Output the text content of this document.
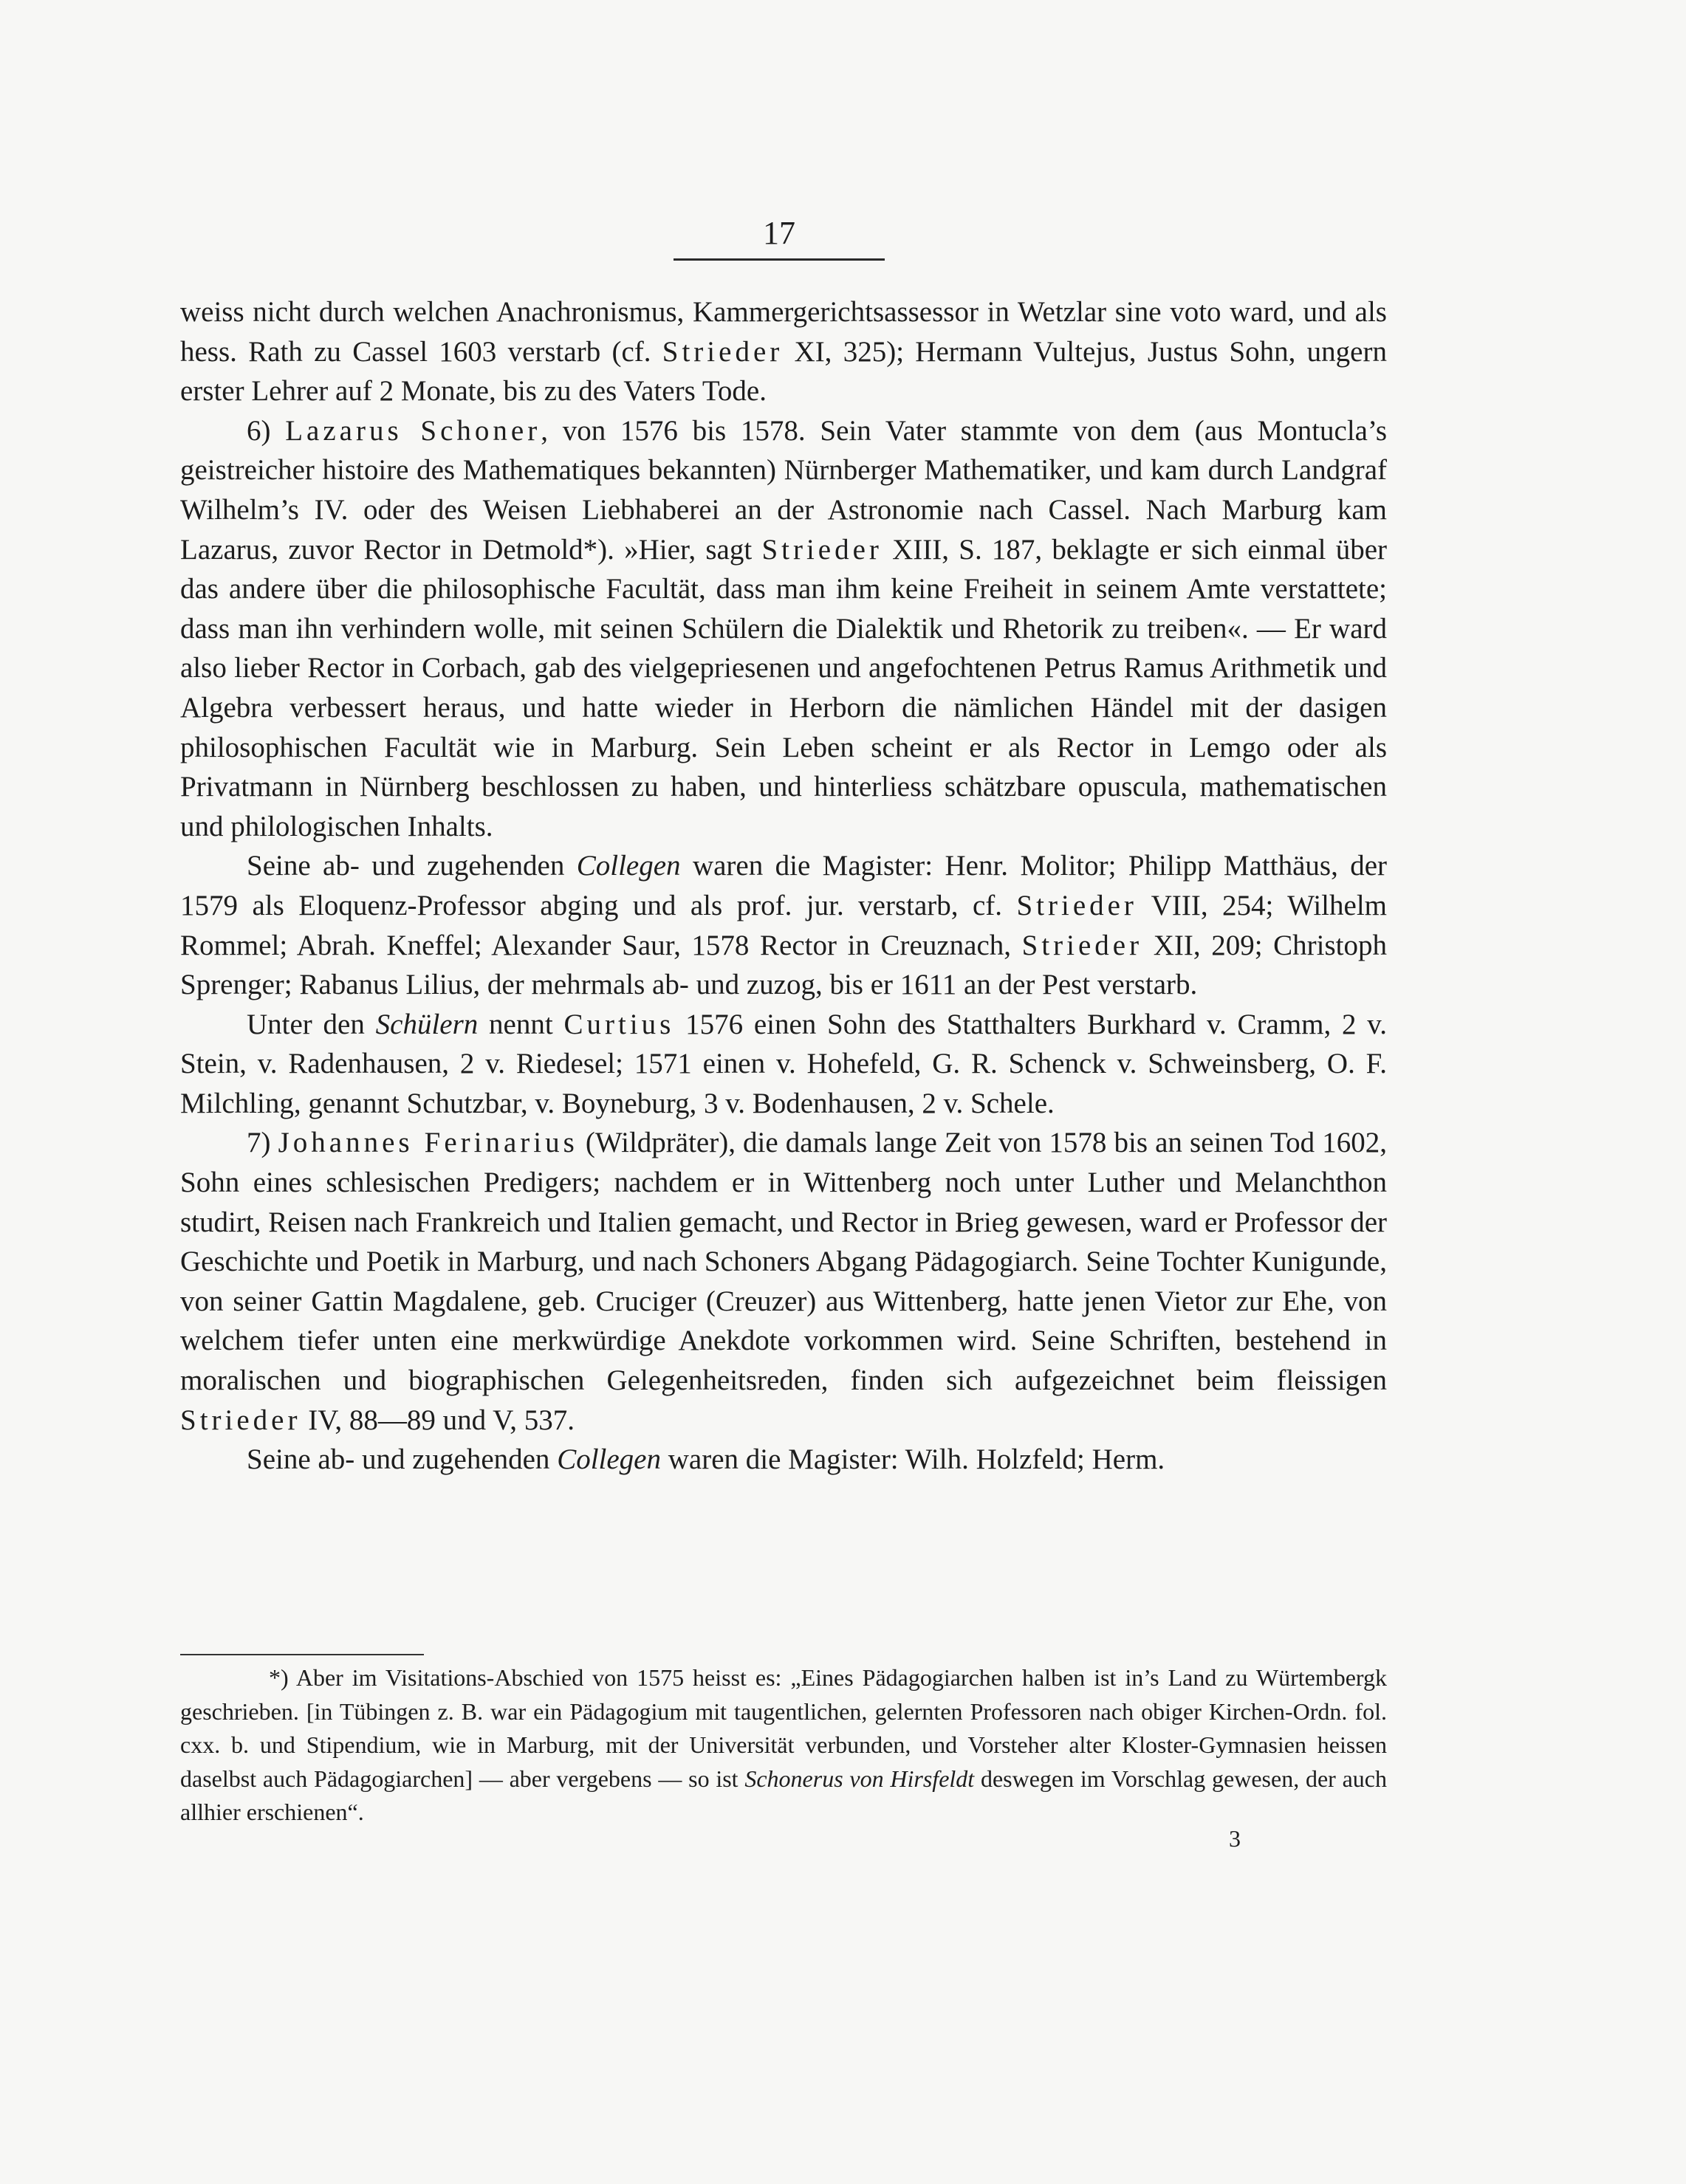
17

weiss nicht durch welchen Anachronismus, Kammergerichtsassessor in Wetzlar sine voto ward, und als hess. Rath zu Cassel 1603 verstarb (cf. Strieder XI, 325); Hermann Vultejus, Justus Sohn, ungern erster Lehrer auf 2 Monate, bis zu des Vaters Tode.

6) Lazarus Schoner, von 1576 bis 1578. Sein Vater stammte von dem (aus Montucla’s geistreicher histoire des Mathematiques bekannten) Nürnberger Mathematiker, und kam durch Landgraf Wilhelm’s IV. oder des Weisen Liebhaberei an der Astronomie nach Cassel. Nach Marburg kam Lazarus, zuvor Rector in Detmold*). »Hier, sagt Strieder XIII, S. 187, beklagte er sich einmal über das andere über die philosophische Facultät, dass man ihm keine Freiheit in seinem Amte verstattete; dass man ihn verhindern wolle, mit seinen Schülern die Dialektik und Rhetorik zu treiben«. — Er ward also lieber Rector in Corbach, gab des vielgepriesenen und angefochtenen Petrus Ramus Arithmetik und Algebra verbessert heraus, und hatte wieder in Herborn die nämlichen Händel mit der dasigen philosophischen Facultät wie in Marburg. Sein Leben scheint er als Rector in Lemgo oder als Privatmann in Nürnberg beschlossen zu haben, und hinterliess schätzbare opuscula, mathematischen und philologischen Inhalts.

Seine ab- und zugehenden Collegen waren die Magister: Henr. Molitor; Philipp Matthäus, der 1579 als Eloquenz-Professor abging und als prof. jur. verstarb, cf. Strieder VIII, 254; Wilhelm Rommel; Abrah. Kneffel; Alexander Saur, 1578 Rector in Creuznach, Strieder XII, 209; Christoph Sprenger; Rabanus Lilius, der mehrmals ab- und zuzog, bis er 1611 an der Pest verstarb.

Unter den Schülern nennt Curtius 1576 einen Sohn des Statthalters Burkhard v. Cramm, 2 v. Stein, v. Radenhausen, 2 v. Riedesel; 1571 einen v. Hohefeld, G. R. Schenck v. Schweinsberg, O. F. Milchling, genannt Schutzbar, v. Boyneburg, 3 v. Bodenhausen, 2 v. Schele.

7) Johannes Ferinarius (Wildpräter), die damals lange Zeit von 1578 bis an seinen Tod 1602, Sohn eines schlesischen Predigers; nachdem er in Wittenberg noch unter Luther und Melanchthon studirt, Reisen nach Frankreich und Italien gemacht, und Rector in Brieg gewesen, ward er Professor der Geschichte und Poetik in Marburg, und nach Schoners Abgang Pädagogiarch. Seine Tochter Kunigunde, von seiner Gattin Magdalene, geb. Cruciger (Creuzer) aus Wittenberg, hatte jenen Vietor zur Ehe, von welchem tiefer unten eine merkwürdige Anekdote vorkommen wird. Seine Schriften, bestehend in moralischen und biographischen Gelegenheitsreden, finden sich aufgezeichnet beim fleissigen Strieder IV, 88—89 und V, 537.

Seine ab- und zugehenden Collegen waren die Magister: Wilh. Holzfeld; Herm.

*) Aber im Visitations-Abschied von 1575 heisst es: „Eines Pädagogiarchen halben ist in’s Land zu Würtembergk geschrieben. [in Tübingen z. B. war ein Pädagogium mit taugentlichen, gelernten Professoren nach obiger Kirchen-Ordn. fol. cxx. b. und Stipendium, wie in Marburg, mit der Universität verbunden, und Vorsteher alter Kloster-Gymnasien heissen daselbst auch Pädagogiarchen] — aber vergebens — so ist Schonerus von Hirsfeldt deswegen im Vorschlag gewesen, der auch allhier erschienen“.

3
